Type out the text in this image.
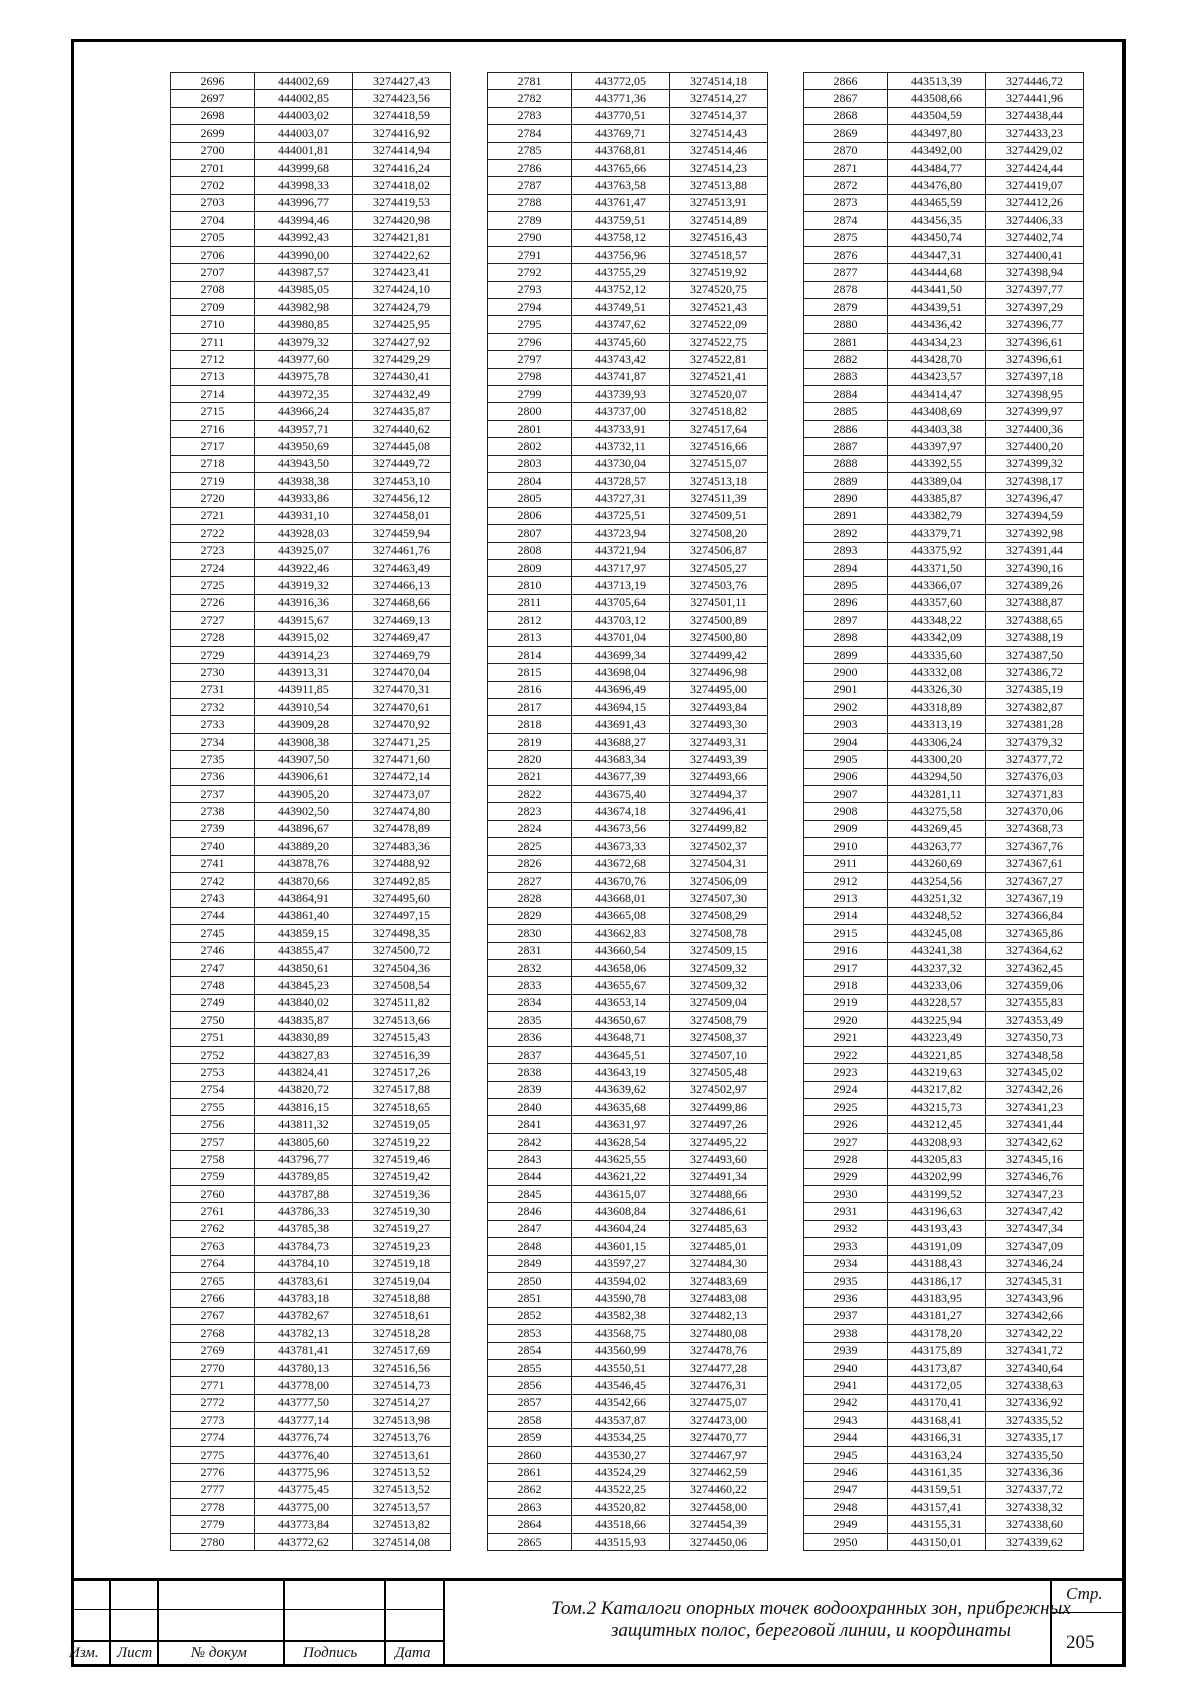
2696	444002,69	3274427,43
2697	444002,85	3274423,56
2698	444003,02	3274418,59
2699	444003,07	3274416,92
2700	444001,81	3274414,94
2701	443999,68	3274416,24
2702	443998,33	3274418,02
2703	443996,77	3274419,53
2704	443994,46	3274420,98
2705	443992,43	3274421,81
2706	443990,00	3274422,62
2707	443987,57	3274423,41
2708	443985,05	3274424,10
2709	443982,98	3274424,79
2710	443980,85	3274425,95
2711	443979,32	3274427,92
2712	443977,60	3274429,29
2713	443975,78	3274430,41
2714	443972,35	3274432,49
2715	443966,24	3274435,87
2716	443957,71	3274440,62
2717	443950,69	3274445,08
2718	443943,50	3274449,72
2719	443938,38	3274453,10
2720	443933,86	3274456,12
2721	443931,10	3274458,01
2722	443928,03	3274459,94
2723	443925,07	3274461,76
2724	443922,46	3274463,49
2725	443919,32	3274466,13
2726	443916,36	3274468,66
2727	443915,67	3274469,13
2728	443915,02	3274469,47
2729	443914,23	3274469,79
2730	443913,31	3274470,04
2731	443911,85	3274470,31
2732	443910,54	3274470,61
2733	443909,28	3274470,92
2734	443908,38	3274471,25
2735	443907,50	3274471,60
2736	443906,61	3274472,14
2737	443905,20	3274473,07
2738	443902,50	3274474,80
2739	443896,67	3274478,89
2740	443889,20	3274483,36
2741	443878,76	3274488,92
2742	443870,66	3274492,85
2743	443864,91	3274495,60
2744	443861,40	3274497,15
2745	443859,15	3274498,35
2746	443855,47	3274500,72
2747	443850,61	3274504,36
2748	443845,23	3274508,54
2749	443840,02	3274511,82
2750	443835,87	3274513,66
2751	443830,89	3274515,43
2752	443827,83	3274516,39
2753	443824,41	3274517,26
2754	443820,72	3274517,88
2755	443816,15	3274518,65
2756	443811,32	3274519,05
2757	443805,60	3274519,22
2758	443796,77	3274519,46
2759	443789,85	3274519,42
2760	443787,88	3274519,36
2761	443786,33	3274519,30
2762	443785,38	3274519,27
2763	443784,73	3274519,23
2764	443784,10	3274519,18
2765	443783,61	3274519,04
2766	443783,18	3274518,88
2767	443782,67	3274518,61
2768	443782,13	3274518,28
2769	443781,41	3274517,69
2770	443780,13	3274516,56
2771	443778,00	3274514,73
2772	443777,50	3274514,27
2773	443777,14	3274513,98
2774	443776,74	3274513,76
2775	443776,40	3274513,61
2776	443775,96	3274513,52
2777	443775,45	3274513,52
2778	443775,00	3274513,57
2779	443773,84	3274513,82
2780	443772,62	3274514,08
2781	443772,05	3274514,18
2782	443771,36	3274514,27
2783	443770,51	3274514,37
2784	443769,71	3274514,43
2785	443768,81	3274514,46
2786	443765,66	3274514,23
2787	443763,58	3274513,88
2788	443761,47	3274513,91
2789	443759,51	3274514,89
2790	443758,12	3274516,43
2791	443756,96	3274518,57
2792	443755,29	3274519,92
2793	443752,12	3274520,75
2794	443749,51	3274521,43
2795	443747,62	3274522,09
2796	443745,60	3274522,75
2797	443743,42	3274522,81
2798	443741,87	3274521,41
2799	443739,93	3274520,07
2800	443737,00	3274518,82
2801	443733,91	3274517,64
2802	443732,11	3274516,66
2803	443730,04	3274515,07
2804	443728,57	3274513,18
2805	443727,31	3274511,39
2806	443725,51	3274509,51
2807	443723,94	3274508,20
2808	443721,94	3274506,87
2809	443717,97	3274505,27
2810	443713,19	3274503,76
2811	443705,64	3274501,11
2812	443703,12	3274500,89
2813	443701,04	3274500,80
2814	443699,34	3274499,42
2815	443698,04	3274496,98
2816	443696,49	3274495,00
2817	443694,15	3274493,84
2818	443691,43	3274493,30
2819	443688,27	3274493,31
2820	443683,34	3274493,39
2821	443677,39	3274493,66
2822	443675,40	3274494,37
2823	443674,18	3274496,41
2824	443673,56	3274499,82
2825	443673,33	3274502,37
2826	443672,68	3274504,31
2827	443670,76	3274506,09
2828	443668,01	3274507,30
2829	443665,08	3274508,29
2830	443662,83	3274508,78
2831	443660,54	3274509,15
2832	443658,06	3274509,32
2833	443655,67	3274509,32
2834	443653,14	3274509,04
2835	443650,67	3274508,79
2836	443648,71	3274508,37
2837	443645,51	3274507,10
2838	443643,19	3274505,48
2839	443639,62	3274502,97
2840	443635,68	3274499,86
2841	443631,97	3274497,26
2842	443628,54	3274495,22
2843	443625,55	3274493,60
2844	443621,22	3274491,34
2845	443615,07	3274488,66
2846	443608,84	3274486,61
2847	443604,24	3274485,63
2848	443601,15	3274485,01
2849	443597,27	3274484,30
2850	443594,02	3274483,69
2851	443590,78	3274483,08
2852	443582,38	3274482,13
2853	443568,75	3274480,08
2854	443560,99	3274478,76
2855	443550,51	3274477,28
2856	443546,45	3274476,31
2857	443542,66	3274475,07
2858	443537,87	3274473,00
2859	443534,25	3274470,77
2860	443530,27	3274467,97
2861	443524,29	3274462,59
2862	443522,25	3274460,22
2863	443520,82	3274458,00
2864	443518,66	3274454,39
2865	443515,93	3274450,06
2866	443513,39	3274446,72
2867	443508,66	3274441,96
2868	443504,59	3274438,44
2869	443497,80	3274433,23
2870	443492,00	3274429,02
2871	443484,77	3274424,44
2872	443476,80	3274419,07
2873	443465,59	3274412,26
2874	443456,35	3274406,33
2875	443450,74	3274402,74
2876	443447,31	3274400,41
2877	443444,68	3274398,94
2878	443441,50	3274397,77
2879	443439,51	3274397,29
2880	443436,42	3274396,77
2881	443434,23	3274396,61
2882	443428,70	3274396,61
2883	443423,57	3274397,18
2884	443414,47	3274398,95
2885	443408,69	3274399,97
2886	443403,38	3274400,36
2887	443397,97	3274400,20
2888	443392,55	3274399,32
2889	443389,04	3274398,17
2890	443385,87	3274396,47
2891	443382,79	3274394,59
2892	443379,71	3274392,98
2893	443375,92	3274391,44
2894	443371,50	3274390,16
2895	443366,07	3274389,26
2896	443357,60	3274388,87
2897	443348,22	3274388,65
2898	443342,09	3274388,19
2899	443335,60	3274387,50
2900	443332,08	3274386,72
2901	443326,30	3274385,19
2902	443318,89	3274382,87
2903	443313,19	3274381,28
2904	443306,24	3274379,32
2905	443300,20	3274377,72
2906	443294,50	3274376,03
2907	443281,11	3274371,83
2908	443275,58	3274370,06
2909	443269,45	3274368,73
2910	443263,77	3274367,76
2911	443260,69	3274367,61
2912	443254,56	3274367,27
2913	443251,32	3274367,19
2914	443248,52	3274366,84
2915	443245,08	3274365,86
2916	443241,38	3274364,62
2917	443237,32	3274362,45
2918	443233,06	3274359,06
2919	443228,57	3274355,83
2920	443225,94	3274353,49
2921	443223,49	3274350,73
2922	443221,85	3274348,58
2923	443219,63	3274345,02
2924	443217,82	3274342,26
2925	443215,73	3274341,23
2926	443212,45	3274341,44
2927	443208,93	3274342,62
2928	443205,83	3274345,16
2929	443202,99	3274346,76
2930	443199,52	3274347,23
2931	443196,63	3274347,42
2932	443193,43	3274347,34
2933	443191,09	3274347,09
2934	443188,43	3274346,24
2935	443186,17	3274345,31
2936	443183,95	3274343,96
2937	443181,27	3274342,66
2938	443178,20	3274342,22
2939	443175,89	3274341,72
2940	443173,87	3274340,64
2941	443172,05	3274338,63
2942	443170,41	3274336,92
2943	443168,41	3274335,52
2944	443166,31	3274335,17
2945	443163,24	3274335,50
2946	443161,35	3274336,36
2947	443159,51	3274337,72
2948	443157,41	3274338,32
2949	443155,31	3274338,60
2950	443150,01	3274339,62
Изм. Лист	№ докум	Подпись	Дата
Том.2 Каталоги опорных точек водоохранных зон, прибрежных
защитных полос, береговой линии, и координаты
Стр.
205
